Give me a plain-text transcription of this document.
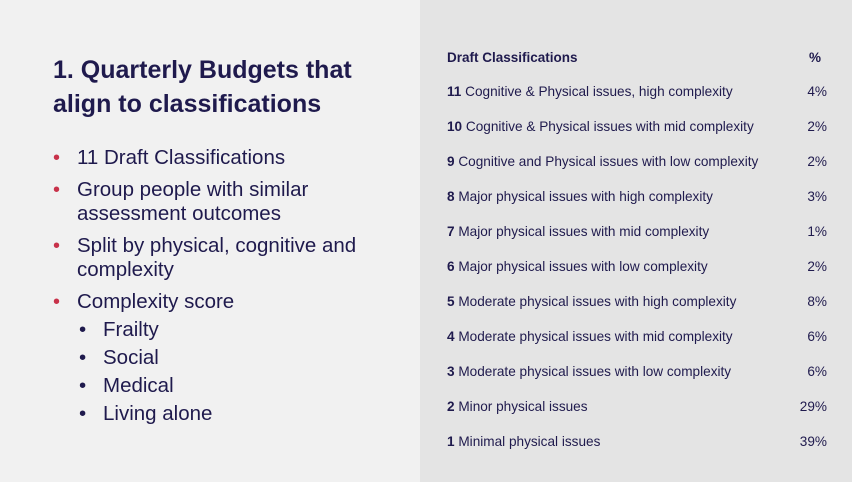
1. Quarterly Budgets that
align to classifications
• 11 Draft Classifications
• Group people with similar
assessment outcomes
• Split by physical, cognitive and
complexity
• Complexity score
• Frailty
• Social
• Medical
• Living alone
Draft Classifications	%
11 Cognitive & Physical issues, high complexity	4%
10 Cognitive & Physical issues with mid complexity	2%
9 Cognitive and Physical issues with low complexity	2%
8 Major physical issues with high complexity	3%
7 Major physical issues with mid complexity	1%
6 Major physical issues with low complexity	2%
5 Moderate physical issues with high complexity	8%
4 Moderate physical issues with mid complexity	6%
3 Moderate physical issues with low complexity	6%
2 Minor physical issues	29%
1 Minimal physical issues	39%
